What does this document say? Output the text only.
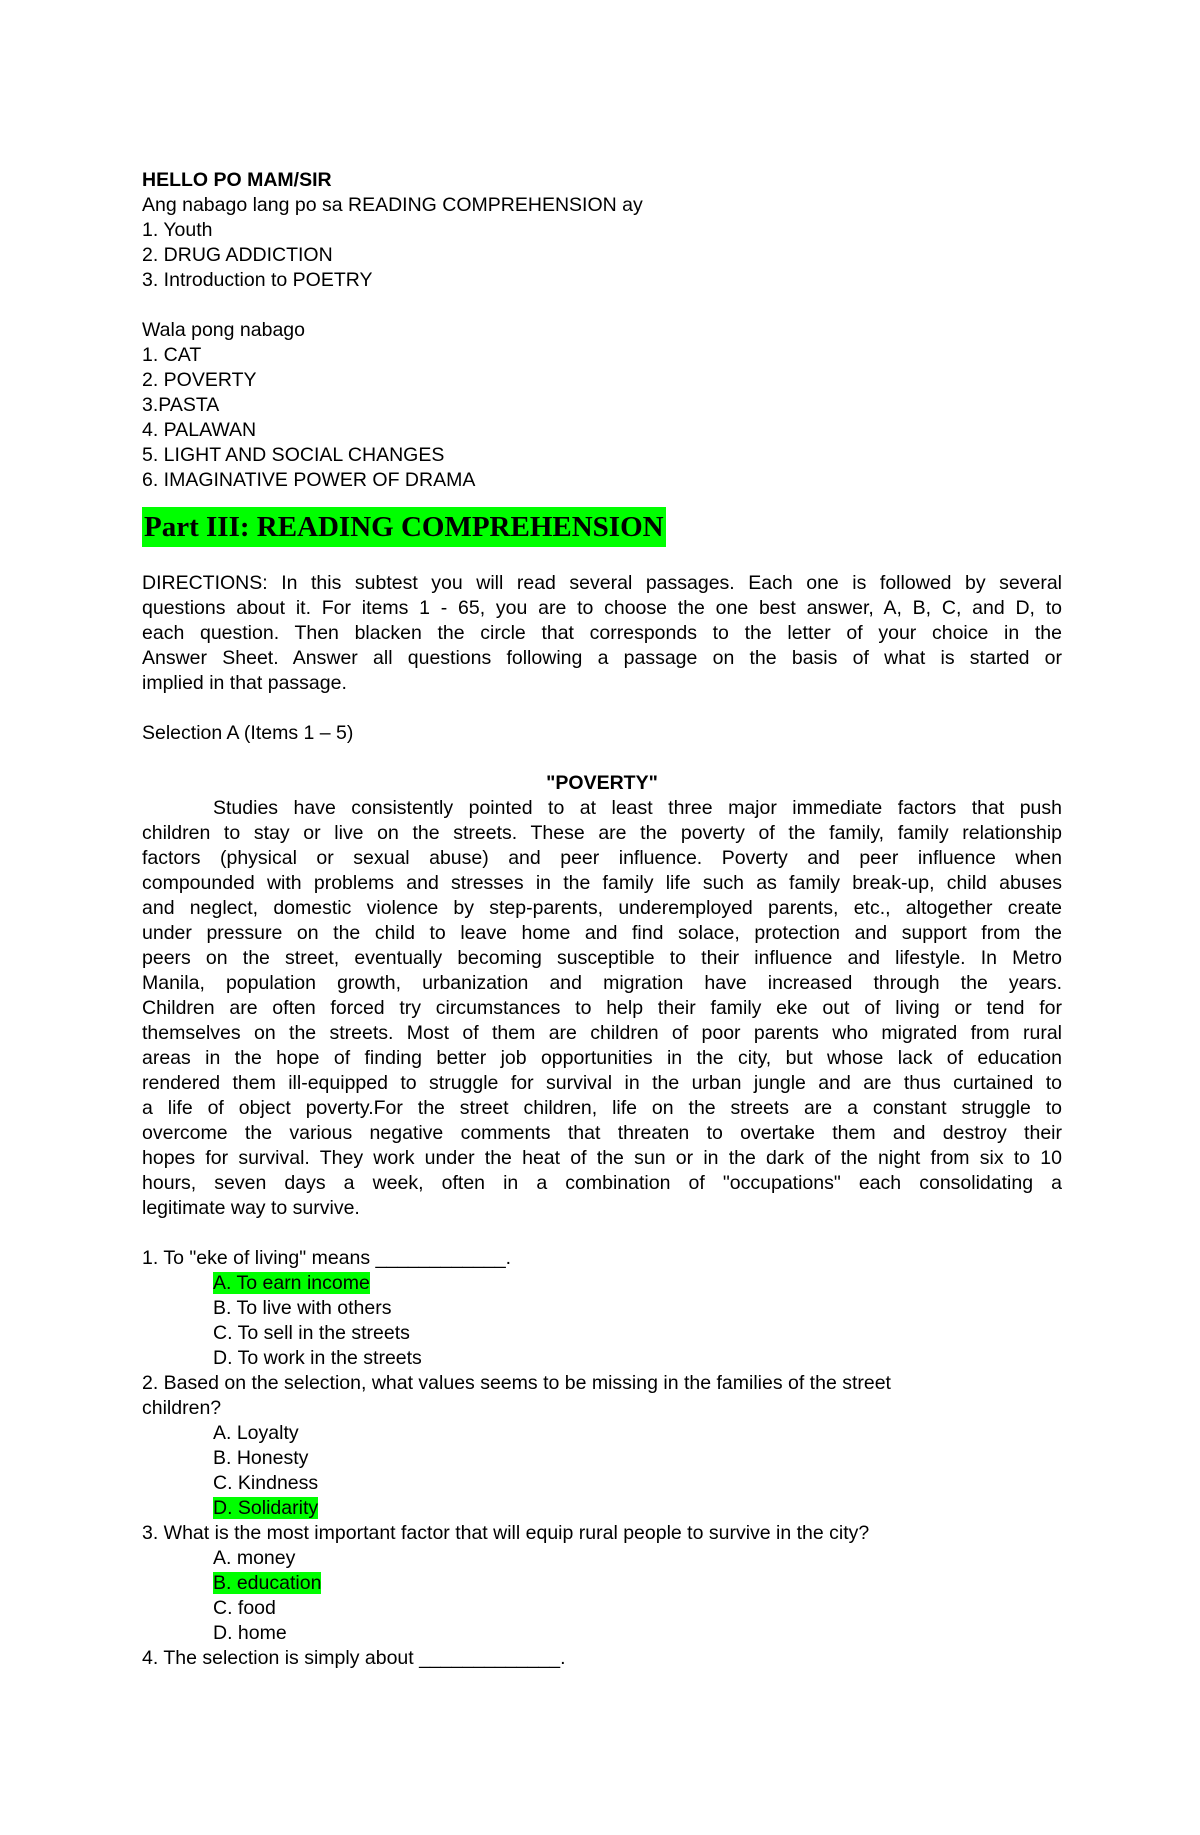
HELLO PO MAM/SIR
Ang nabago lang po sa READING COMPREHENSION ay
1. Youth
2. DRUG ADDICTION
3. Introduction to POETRY
Wala pong nabago
1. CAT
2. POVERTY
3.PASTA
4. PALAWAN
5. LIGHT AND SOCIAL CHANGES
6. IMAGINATIVE POWER OF DRAMA
Part III: READING COMPREHENSION
DIRECTIONS: In this subtest you will read several passages. Each one is followed by several
questions about it. For items 1 - 65, you are to choose the one best answer, A, B, C, and D, to
each question. Then blacken the circle that corresponds to the letter of your choice in the
Answer Sheet. Answer all questions following a passage on the basis of what is started or
implied in that passage.
Selection A (Items 1 – 5)
"POVERTY"
Studies have consistently pointed to at least three major immediate factors that push
children to stay or live on the streets. These are the poverty of the family, family relationship
factors (physical or sexual abuse) and peer influence. Poverty and peer influence when
compounded with problems and stresses in the family life such as family break-up, child abuses
and neglect, domestic violence by step-parents, underemployed parents, etc., altogether create
under pressure on the child to leave home and find solace, protection and support from the
peers on the street, eventually becoming susceptible to their influence and lifestyle. In Metro
Manila, population growth, urbanization and migration have increased through the years.
Children are often forced try circumstances to help their family eke out of living or tend for
themselves on the streets. Most of them are children of poor parents who migrated from rural
areas in the hope of finding better job opportunities in the city, but whose lack of education
rendered them ill-equipped to struggle for survival in the urban jungle and are thus curtained to
a life of object poverty.For the street children, life on the streets are a constant struggle to
overcome the various negative comments that threaten to overtake them and destroy their
hopes for survival. They work under the heat of the sun or in the dark of the night from six to 10
hours, seven days a week, often in a combination of "occupations" each consolidating a
legitimate way to survive.
1. To "eke of living" means ____________.
A. To earn income
B. To live with others
C. To sell in the streets
D. To work in the streets
2. Based on the selection, what values seems to be missing in the families of the street
children?
A. Loyalty
B. Honesty
C. Kindness
D. Solidarity
3. What is the most important factor that will equip rural people to survive in the city?
A. money
B. education
C. food
D. home
4. The selection is simply about _____________.
